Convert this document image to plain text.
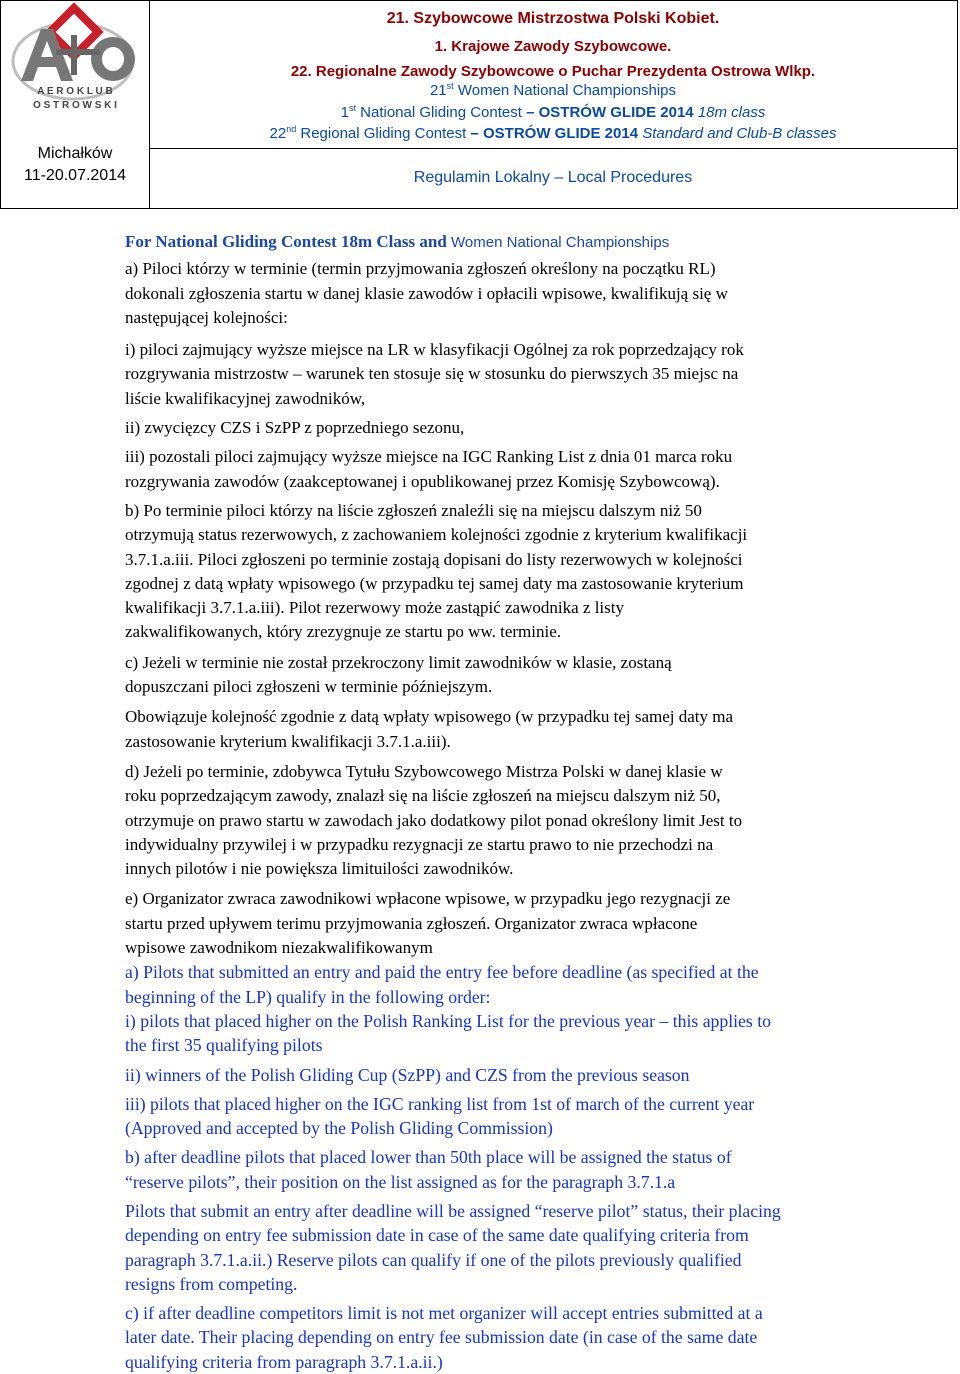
A E R O K L U B
O S T R O W S K I
Michałków
11-20.07.2014
21. Szybowcowe Mistrzostwa Polski Kobiet.
1. Krajowe Zawody Szybowcowe.
22. Regionalne Zawody Szybowcowe o Puchar Prezydenta Ostrowa Wlkp.
21st Women National Championships
1st National Gliding Contest – OSTRÓW GLIDE 2014 18m class
22nd Regional Gliding Contest – OSTRÓW GLIDE 2014 Standard and Club-B classes
Regulamin Lokalny – Local Procedures

For National Gliding Contest 18m Class and Women National Championships

a) Piloci którzy w terminie (termin przyjmowania zgłoszeń określony na początku RL)

dokonali zgłoszenia startu w danej klasie zawodów i opłacili wpisowe, kwalifikują się w

następującej kolejności:

i) piloci zajmujący wyższe miejsce na LR w klasyfikacji Ogólnej za rok poprzedzający rok

rozgrywania mistrzostw – warunek ten stosuje się w stosunku do pierwszych 35 miejsc na

liście kwalifikacyjnej zawodników,

ii) zwycięzcy CZS i SzPP z poprzedniego sezonu,

iii) pozostali piloci zajmujący wyższe miejsce na IGC Ranking List z dnia 01 marca roku

rozgrywania zawodów (zaakceptowanej i opublikowanej przez Komisję Szybowcową).

b) Po terminie piloci którzy na liście zgłoszeń znaleźli się na miejscu dalszym niż 50

otrzymują status rezerwowych, z zachowaniem kolejności zgodnie z kryterium kwalifikacji

3.7.1.a.iii. Piloci zgłoszeni po terminie zostają dopisani do listy rezerwowych w kolejności

zgodnej z datą wpłaty wpisowego (w przypadku tej samej daty ma zastosowanie kryterium

kwalifikacji 3.7.1.a.iii). Pilot rezerwowy może zastąpić zawodnika z listy

zakwalifikowanych, który zrezygnuje ze startu po ww. terminie.

c) Jeżeli w terminie nie został przekroczony limit zawodników w klasie, zostaną

dopuszczani piloci zgłoszeni w terminie późniejszym.

Obowiązuje kolejność zgodnie z datą wpłaty wpisowego (w przypadku tej samej daty ma

zastosowanie kryterium kwalifikacji 3.7.1.a.iii).

d) Jeżeli po terminie, zdobywca Tytułu Szybowcowego Mistrza Polski w danej klasie w

roku poprzedzającym zawody, znalazł się na liście zgłoszeń na miejscu dalszym niż 50,

otrzymuje on prawo startu w zawodach jako dodatkowy pilot ponad określony limit Jest to

indywidualny przywilej i w przypadku rezygnacji ze startu prawo to nie przechodzi na

innych pilotów i nie powiększa limituilości zawodników.

e) Organizator zwraca zawodnikowi wpłacone wpisowe, w przypadku jego rezygnacji ze

startu przed upływem terimu przyjmowania zgłoszeń. Organizator zwraca wpłacone

wpisowe zawodnikom niezakwalifikowanym

a) Pilots that submitted an entry and paid the entry fee before deadline (as specified at the

beginning of the LP) qualify in the following order:

i) pilots that placed higher on the Polish Ranking List for the previous year – this applies to

the first 35 qualifying pilots

ii) winners of the Polish Gliding Cup (SzPP) and CZS from the previous season

iii) pilots that placed higher on the IGC ranking list from 1st of march of the current year

(Approved and accepted by the Polish Gliding Commission)

b) after deadline pilots that placed lower than 50th place will be assigned the status of

“reserve pilots”, their position on the list assigned as for the paragraph 3.7.1.a

Pilots that submit an entry after deadline will be assigned “reserve pilot” status, their placing

depending on entry fee submission date in case of the same date qualifying criteria from

paragraph 3.7.1.a.ii.) Reserve pilots can qualify if one of the pilots previously qualified

resigns from competing.

c) if after deadline competitors limit is not met organizer will accept entries submitted at a

later date. Their placing depending on entry fee submission date (in case of the same date

qualifying criteria from paragraph 3.7.1.a.ii.)
